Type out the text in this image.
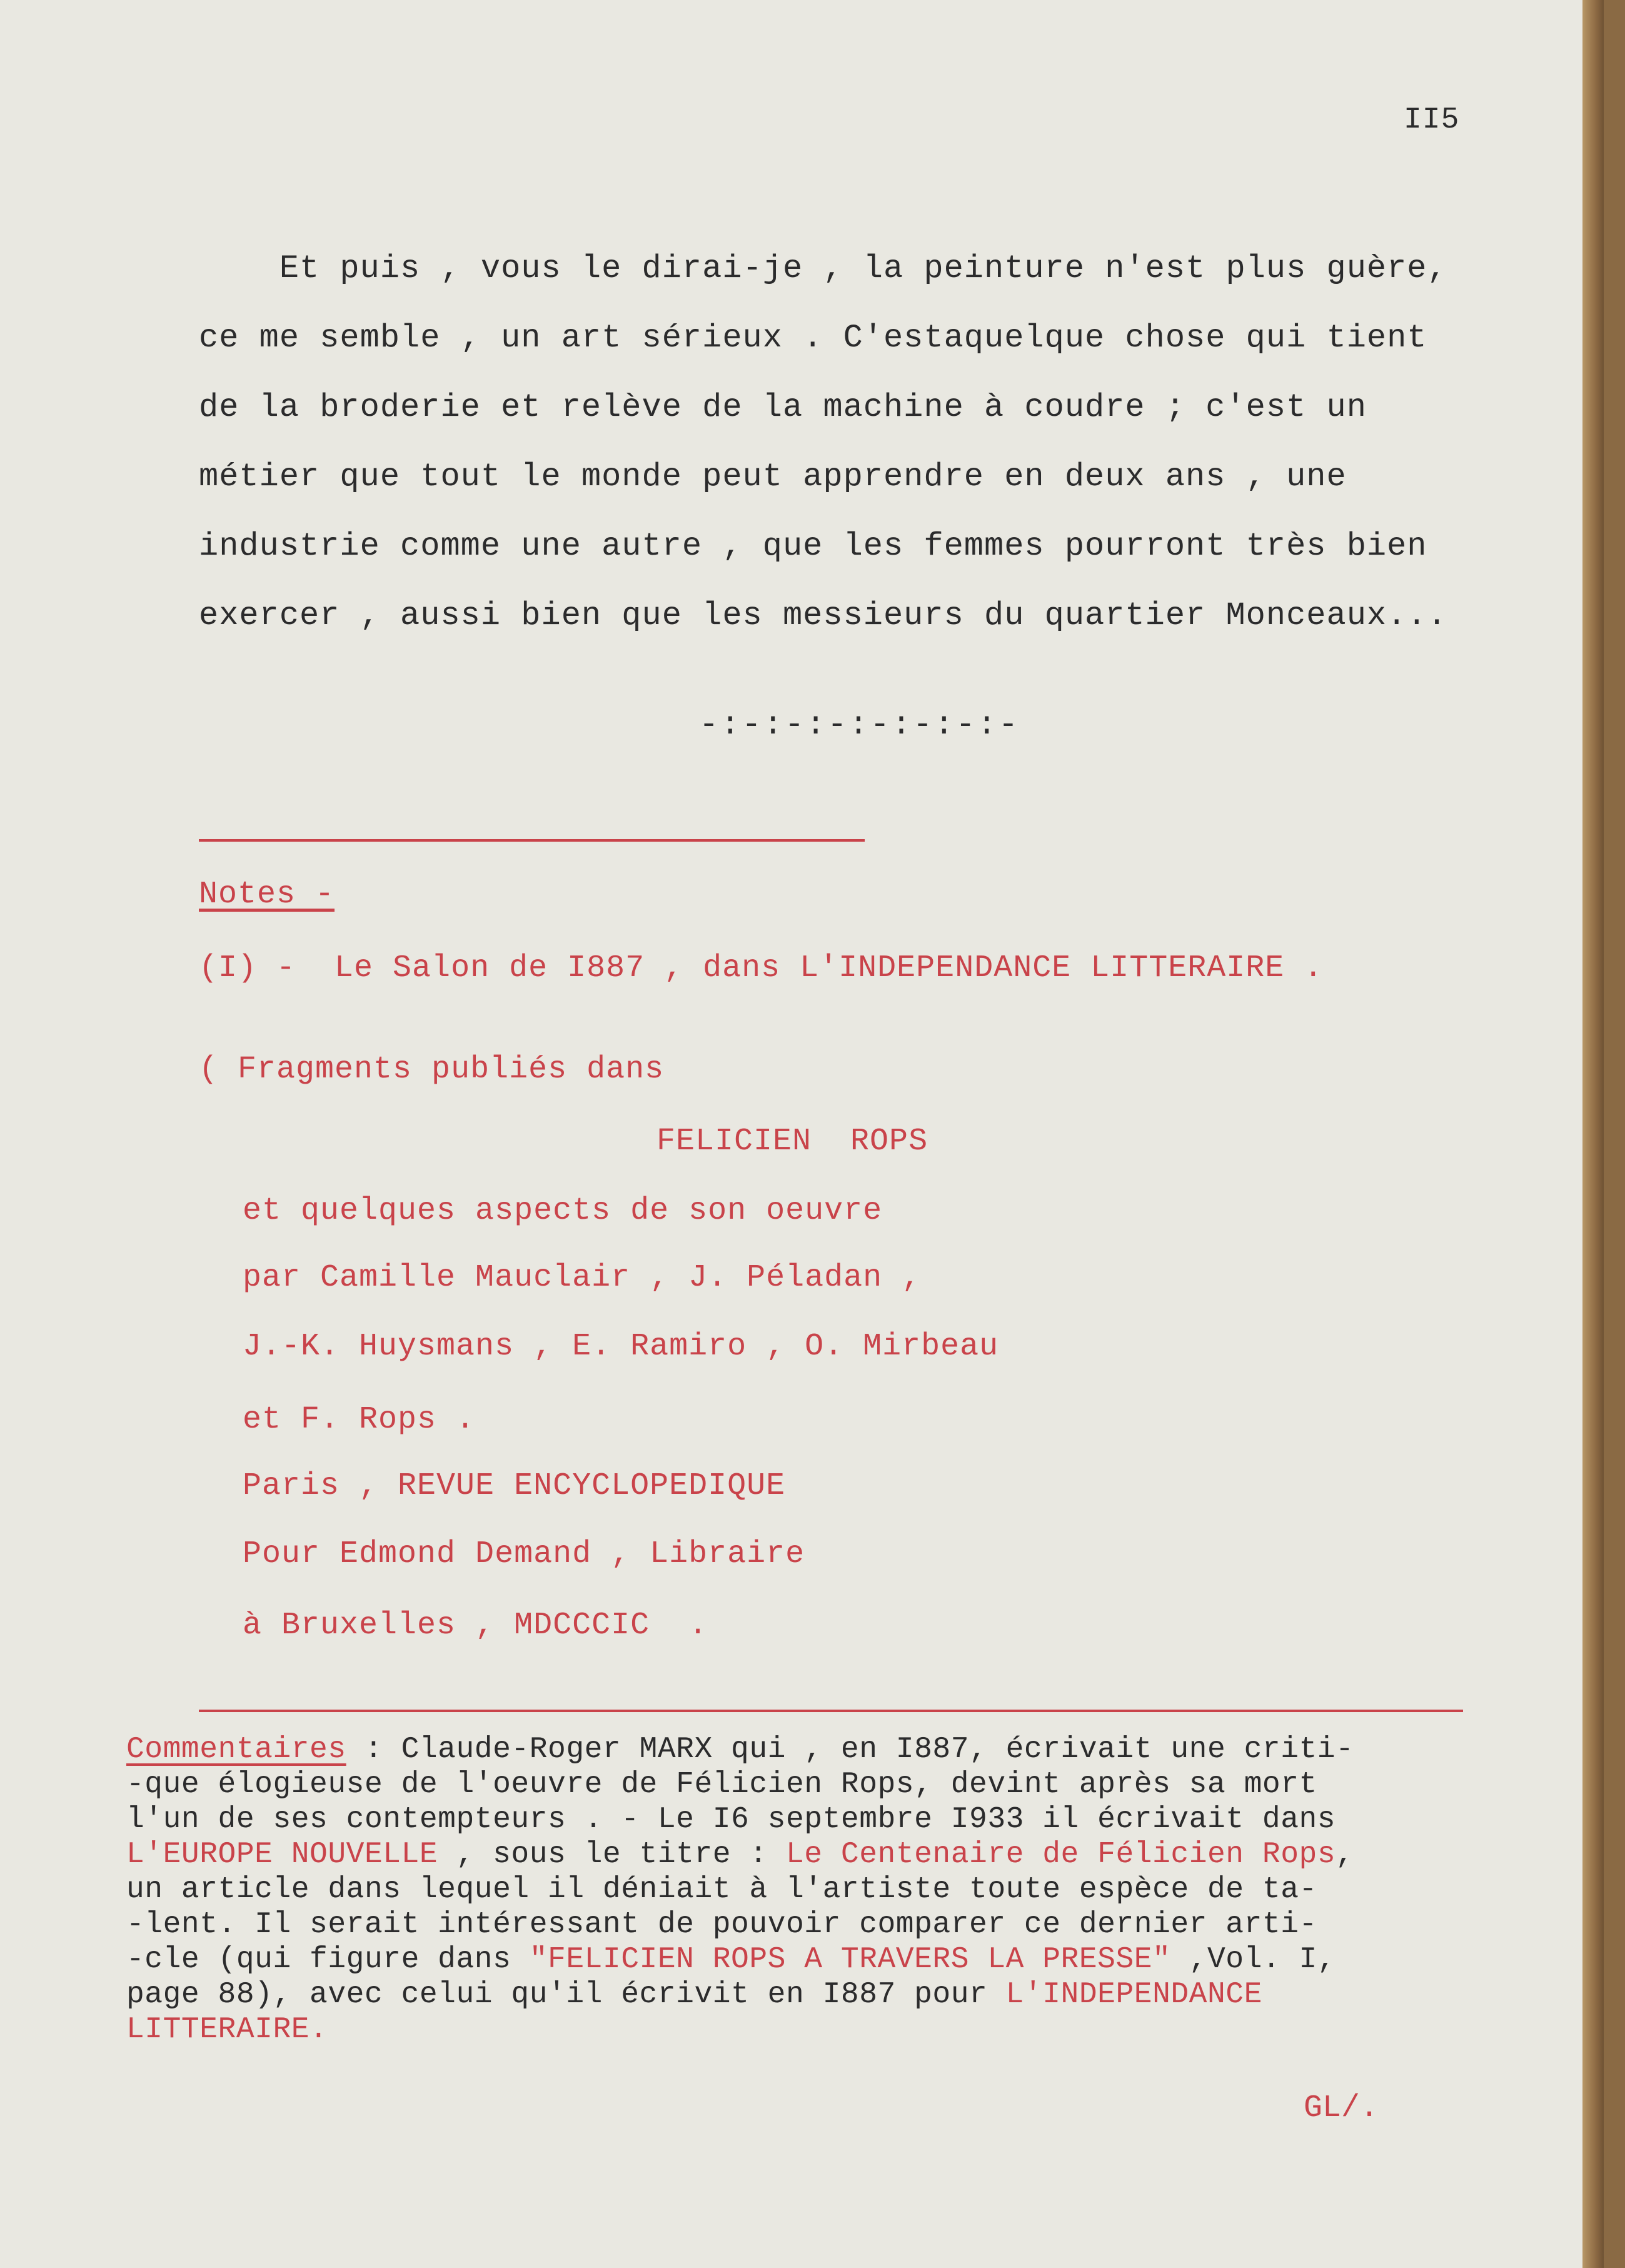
II5
Et puis , vous le dirai-je , la peinture n'est plus guère,
ce me semble , un art sérieux . C'estaquelque chose qui tient
de la broderie et relève de la machine à coudre ; c'est un
métier que tout le monde peut apprendre en deux ans , une
industrie comme une autre , que les femmes pourront très bien
exercer , aussi bien que les messieurs du quartier Monceaux...
-:-:-:-:-:-:-:-
Notes -
(I) -  Le Salon de I887 , dans L'INDEPENDANCE LITTERAIRE .
( Fragments publiés dans
FELICIEN  ROPS
et quelques aspects de son oeuvre
par Camille Mauclair , J. Péladan ,
J.-K. Huysmans , E. Ramiro , O. Mirbeau
et F. Rops .
Paris , REVUE ENCYCLOPEDIQUE
Pour Edmond Demand , Libraire
à Bruxelles , MDCCCIC  .
Commentaires : Claude-Roger MARX qui , en I887, écrivait une criti-
-que élogieuse de l'oeuvre de Félicien Rops, devint après sa mort
l'un de ses contempteurs . - Le I6 septembre I933 il écrivait dans
L'EUROPE NOUVELLE , sous le titre : Le Centenaire de Félicien Rops,
un article dans lequel il déniait à l'artiste toute espèce de ta-
-lent. Il serait intéressant de pouvoir comparer ce dernier arti-
-cle (qui figure dans "FELICIEN ROPS A TRAVERS LA PRESSE" ,Vol. I,
page 88), avec celui qu'il écrivit en I887 pour L'INDEPENDANCE
LITTERAIRE.
GL/.
